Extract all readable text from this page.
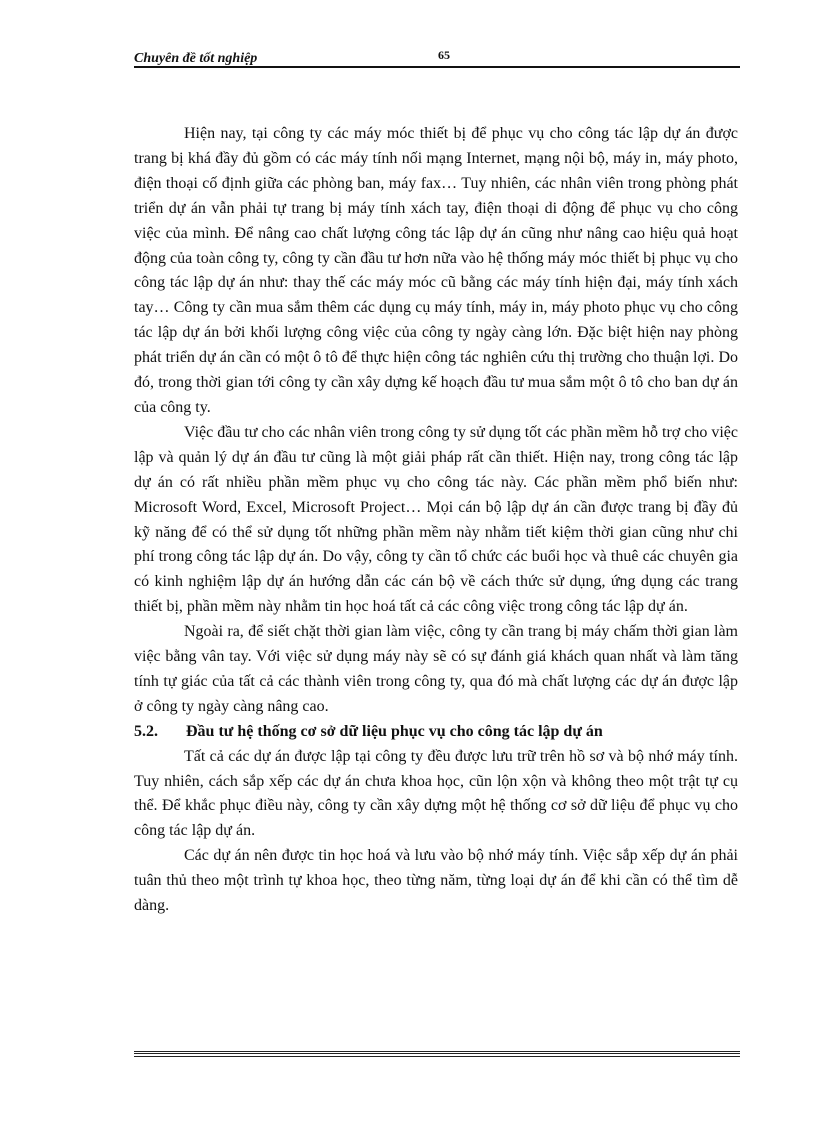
Chuyên đề tốt nghiệp	65

Hiện nay, tại công ty các máy móc thiết bị để phục vụ cho công tác lập dự án được trang bị khá đầy đủ gồm có các máy tính nối mạng Internet, mạng nội bộ, máy in, máy photo, điện thoại cố định giữa các phòng ban, máy fax… Tuy nhiên, các nhân viên trong phòng phát triển dự án vẫn phải tự trang bị máy tính xách tay, điện thoại di động để phục vụ cho công việc của mình. Để nâng cao chất lượng công tác lập dự án cũng như nâng cao hiệu quả hoạt động của toàn công ty, công ty cần đầu tư hơn nữa vào hệ thống máy móc thiết bị phục vụ cho công tác lập dự án như: thay thế các máy móc cũ bằng các máy tính hiện đại, máy tính xách tay… Công ty cần mua sắm thêm các dụng cụ máy tính, máy in, máy photo phục vụ cho công tác lập dự án bởi khối lượng công việc của công ty ngày càng lớn. Đặc biệt hiện nay phòng phát triển dự án cần có một ô tô để thực hiện công tác nghiên cứu thị trường cho thuận lợi. Do đó, trong thời gian tới công ty cần xây dựng kế hoạch đầu tư mua sắm một ô tô cho ban dự án của công ty.

Việc đầu tư cho các nhân viên trong công ty sử dụng tốt các phần mềm hỗ trợ cho việc lập và quản lý dự án đầu tư cũng là một giải pháp rất cần thiết. Hiện nay, trong công tác lập dự án có rất nhiều phần mềm phục vụ cho công tác này. Các phần mềm phổ biến như: Microsoft Word, Excel, Microsoft Project… Mọi cán bộ lập dự án cần được trang bị đầy đủ kỹ năng để có thể sử dụng tốt những phần mềm này nhằm tiết kiệm thời gian cũng như chi phí trong công tác lập dự án. Do vậy, công ty cần tổ chức các buổi học và thuê các chuyên gia có kinh nghiệm lập dự án hướng dẫn các cán bộ về cách thức sử dụng, ứng dụng các trang thiết bị, phần mềm này nhằm tin học hoá tất cả các công việc trong công tác lập dự án.

Ngoài ra, để siết chặt thời gian làm việc, công ty cần trang bị máy chấm thời gian làm việc bằng vân tay. Với việc sử dụng máy này sẽ có sự đánh giá khách quan nhất và làm tăng tính tự giác của tất cả các thành viên trong công ty, qua đó mà chất lượng các dự án được lập ở công ty ngày càng nâng cao.

5.2.	Đầu tư hệ thống cơ sở dữ liệu phục vụ cho công tác lập dự án

Tất cả các dự án được lập tại công ty đều được lưu trữ trên hồ sơ và bộ nhớ máy tính. Tuy nhiên, cách sắp xếp các dự án chưa khoa học, cũn lộn xộn và không theo một trật tự cụ thể. Để khắc phục điều này, công ty cần xây dựng một hệ thống cơ sở dữ liệu để phục vụ cho công tác lập dự án.

Các dự án nên được tin học hoá và lưu vào bộ nhớ máy tính. Việc sắp xếp dự án phải tuân thủ theo một trình tự khoa học, theo từng năm, từng loại dự án để khi cần có thể tìm dễ dàng.
